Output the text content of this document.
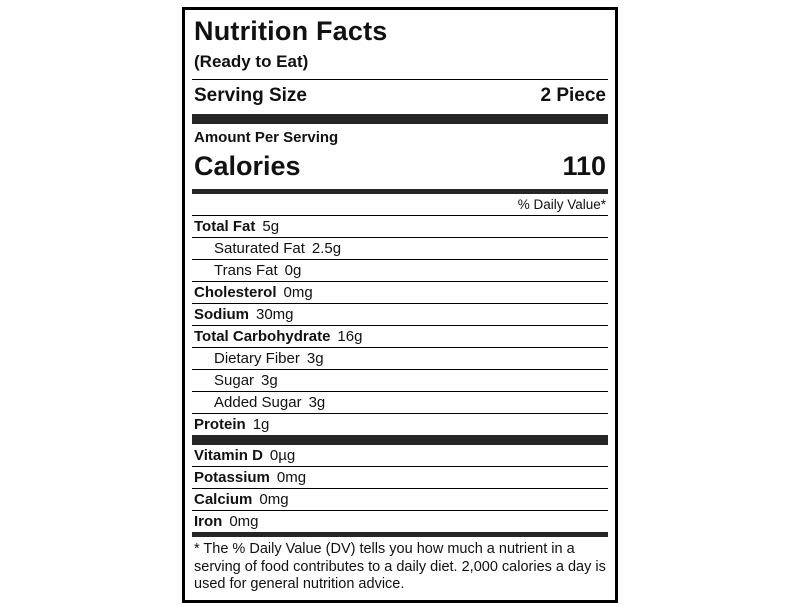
Nutrition Facts
(Ready to Eat)
Serving Size	2 Piece
Amount Per Serving
Calories	110
% Daily Value*
Total Fat 5g
Saturated Fat 2.5g
Trans Fat 0g
Cholesterol 0mg
Sodium 30mg
Total Carbohydrate 16g
Dietary Fiber 3g
Sugar 3g
Added Sugar 3g
Protein 1g
Vitamin D 0µg
Potassium 0mg
Calcium 0mg
Iron 0mg
* The % Daily Value (DV) tells you how much a nutrient in a serving of food contributes to a daily diet. 2,000 calories a day is used for general nutrition advice.
